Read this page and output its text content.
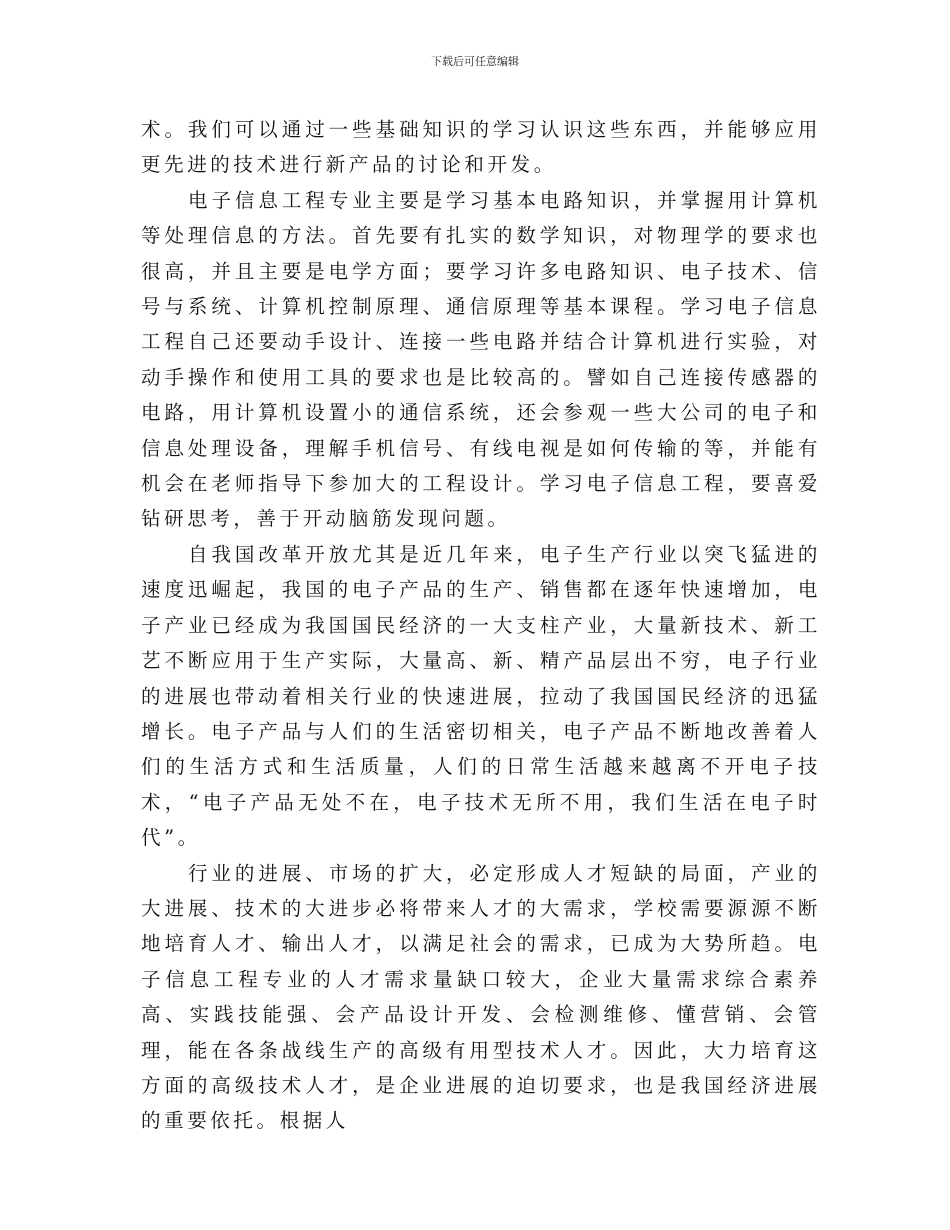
下载后可任意编辑

术。我们可以通过一些基础知识的学习认识这些东西，并能够应用更先进的技术进行新产品的讨论和开发。

电子信息工程专业主要是学习基本电路知识，并掌握用计算机等处理信息的方法。首先要有扎实的数学知识，对物理学的要求也很高，并且主要是电学方面；要学习许多电路知识、电子技术、信号与系统、计算机控制原理、通信原理等基本课程。学习电子信息工程自己还要动手设计、连接一些电路并结合计算机进行实验，对动手操作和使用工具的要求也是比较高的。譬如自己连接传感器的电路，用计算机设置小的通信系统，还会参观一些大公司的电子和信息处理设备，理解手机信号、有线电视是如何传输的等，并能有机会在老师指导下参加大的工程设计。学习电子信息工程，要喜爱钻研思考，善于开动脑筋发现问题。

自我国改革开放尤其是近几年来，电子生产行业以突飞猛进的速度迅崛起，我国的电子产品的生产、销售都在逐年快速增加，电子产业已经成为我国国民经济的一大支柱产业，大量新技术、新工艺不断应用于生产实际，大量高、新、精产品层出不穷，电子行业的进展也带动着相关行业的快速进展，拉动了我国国民经济的迅猛增长。电子产品与人们的生活密切相关，电子产品不断地改善着人们的生活方式和生活质量，人们的日常生活越来越离不开电子技术，“电子产品无处不在，电子技术无所不用，我们生活在电子时代”。

行业的进展、市场的扩大，必定形成人才短缺的局面，产业的大进展、技术的大进步必将带来人才的大需求，学校需要源源不断地培育人才、输出人才，以满足社会的需求，已成为大势所趋。电子信息工程专业的人才需求量缺口较大，企业大量需求综合素养高、实践技能强、会产品设计开发、会检测维修、懂营销、会管理，能在各条战线生产的高级有用型技术人才。因此，大力培育这方面的高级技术人才，是企业进展的迫切要求，也是我国经济进展的重要依托。根据人
